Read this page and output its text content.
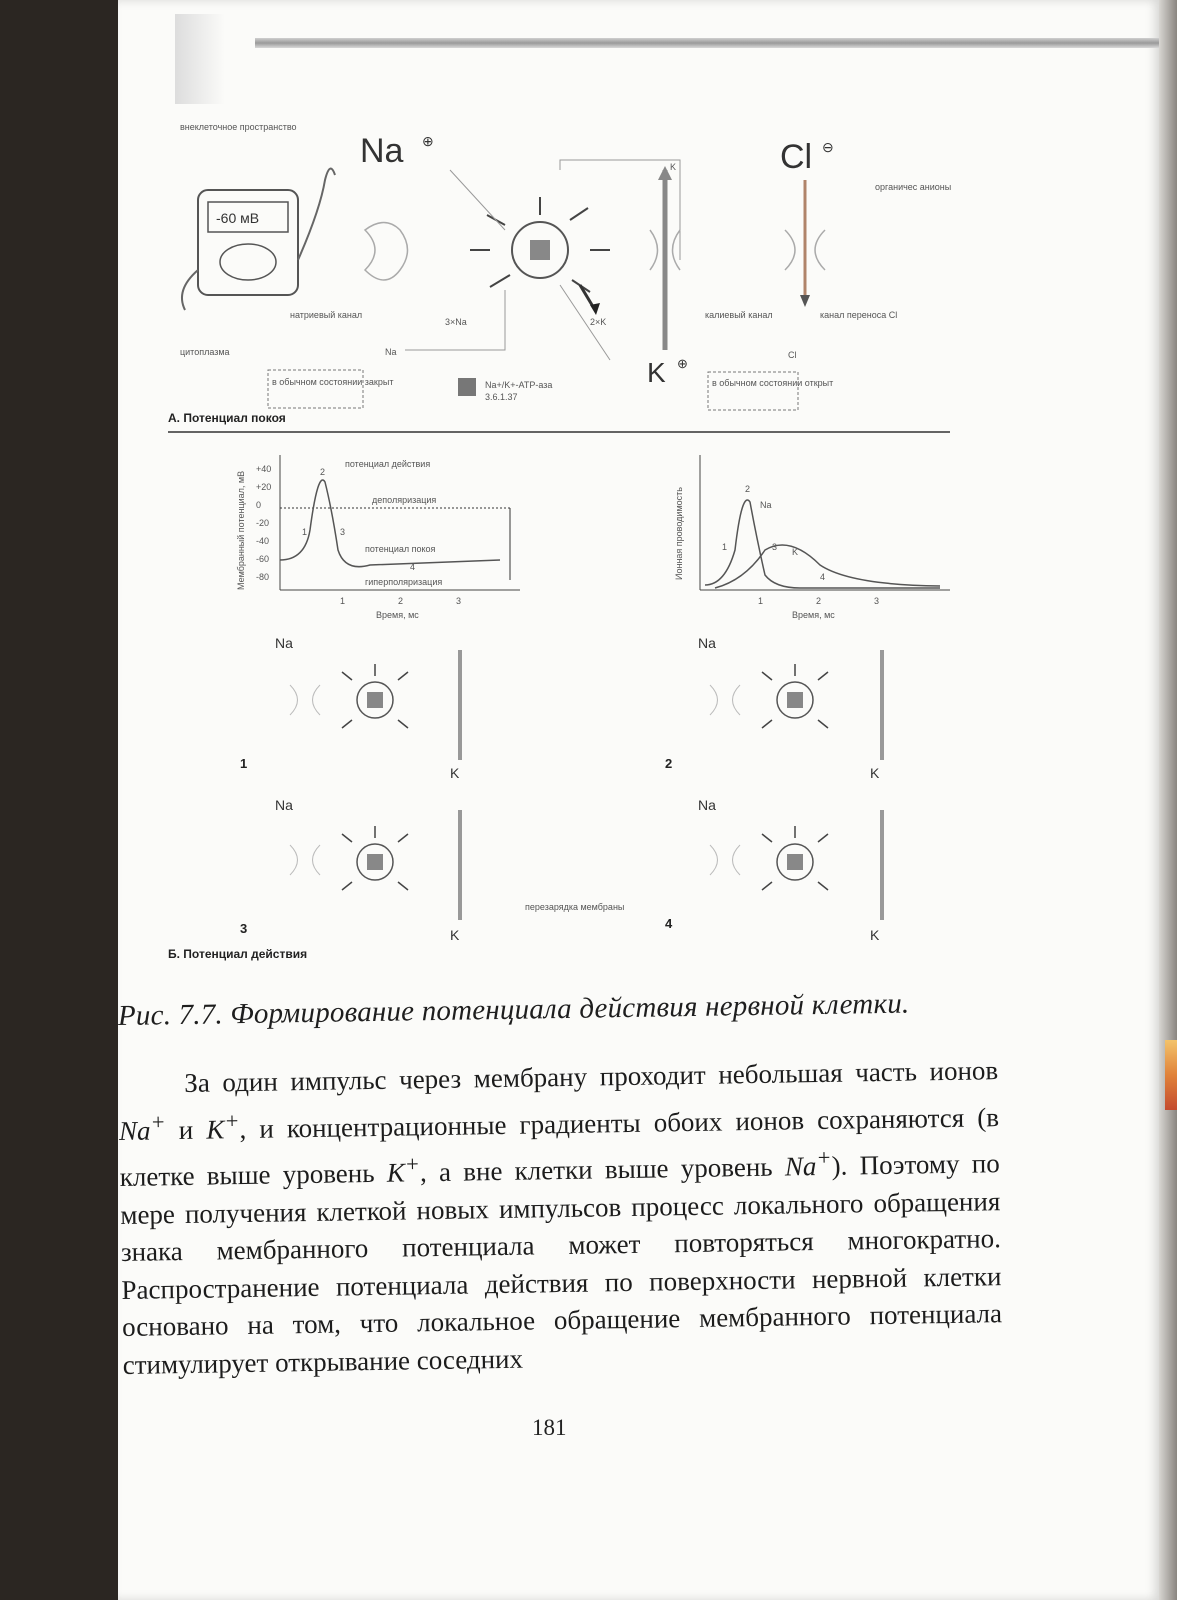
внеклеточное пространство
Na ⊕	Cl ⊖
органичес анионы
-60 мВ
натриевый канал
цитоплазма	Na
в обычном состоянии закрыт
3×Na	2×K
Na+/K+-ATP-аза
3.6.1.37
K
K ⊕
калиевый канал
в обычном состоянии открыт
канал переноса Cl
Cl
А. Потенциал покоя
Мембранный потенциал, мВ
+40
+20
0
-20
-40
-60
-80
потенциал действия
деполяризация
потенциал покоя
гиперполяризация
1
2
3
4
1	2	3
Время, мс
Ионная проводимость	Na
K
1
2
3
4
1	2	3
Время, мс
Na
1
K
Na
2
K
Na
3	K
Na
4
K
перезарядка мембраны
Б. Потенциал действия
Рис. 7.7. Формирование потенциала действия нервной клетки.

За один импульс через мембрану проходит небольшая часть ионов Na+ и K+, и концентрационные градиенты обоих ионов сохраняются (в клетке выше уровень K+, а вне клетки выше уровень Na+). Поэтому по мере получения клеткой новых импульсов процесс локального обращения знака мембранного потенциала может повторяться многократно. Распространение потенциала действия по поверхности нервной клетки основано на том, что локальное обращение мембранного потенциала стимулирует открывание соседних

181
